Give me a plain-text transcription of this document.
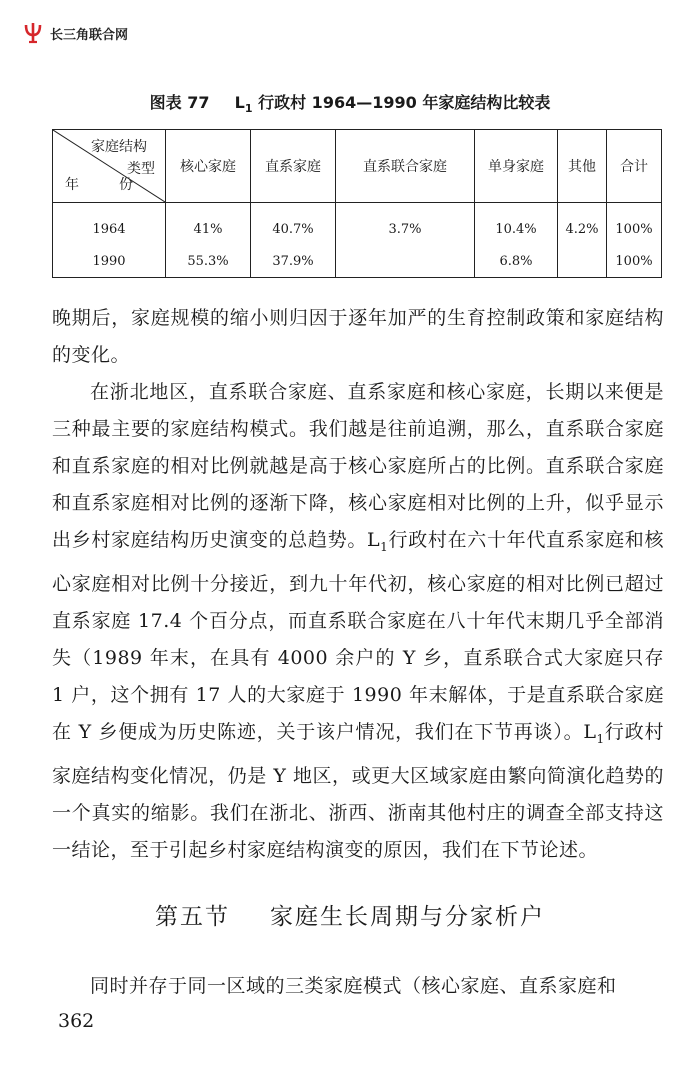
长三角联合网
图表 77 $L_1$ 行政村 1964—1990 年家庭结构比较表
家庭结构
类型
年 份	核心家庭	直系家庭	直系联合家庭	单身家庭	其他	合计
1964	41%	40.7%	3.7%	10.4%	4.2%	100%
1990	55.3%	37.9%		6.8%		100%

晚期后，家庭规模的缩小则归因于逐年加严的生育控制政策和家庭结构的变化。

在浙北地区，直系联合家庭、直系家庭和核心家庭，长期以来便是三种最主要的家庭结构模式。我们越是往前追溯，那么，直系联合家庭和直系家庭的相对比例就越是高于核心家庭所占的比例。直系联合家庭和直系家庭相对比例的逐渐下降，核心家庭相对比例的上升，似乎显示出乡村家庭结构历史演变的总趋势。$L_1$行政村在六十年代直系家庭和核心家庭相对比例十分接近，到九十年代初，核心家庭的相对比例已超过直系家庭 17.4 个百分点，而直系联合家庭在八十年代末期几乎全部消失（1989 年末，在具有 4000 余户的 Y 乡，直系联合式大家庭只存 1 户，这个拥有 17 人的大家庭于 1990 年末解体，于是直系联合家庭在 Y 乡便成为历史陈迹，关于该户情况，我们在下节再谈）。$L_1$行政村家庭结构变化情况，仍是 Y 地区，或更大区域家庭由繁向简演化趋势的一个真实的缩影。我们在浙北、浙西、浙南其他村庄的调查全部支持这一结论，至于引起乡村家庭结构演变的原因，我们在下节论述。

第五节 家庭生长周期与分家析户
同时并存于同一区域的三类家庭模式（核心家庭、直系家庭和
362
